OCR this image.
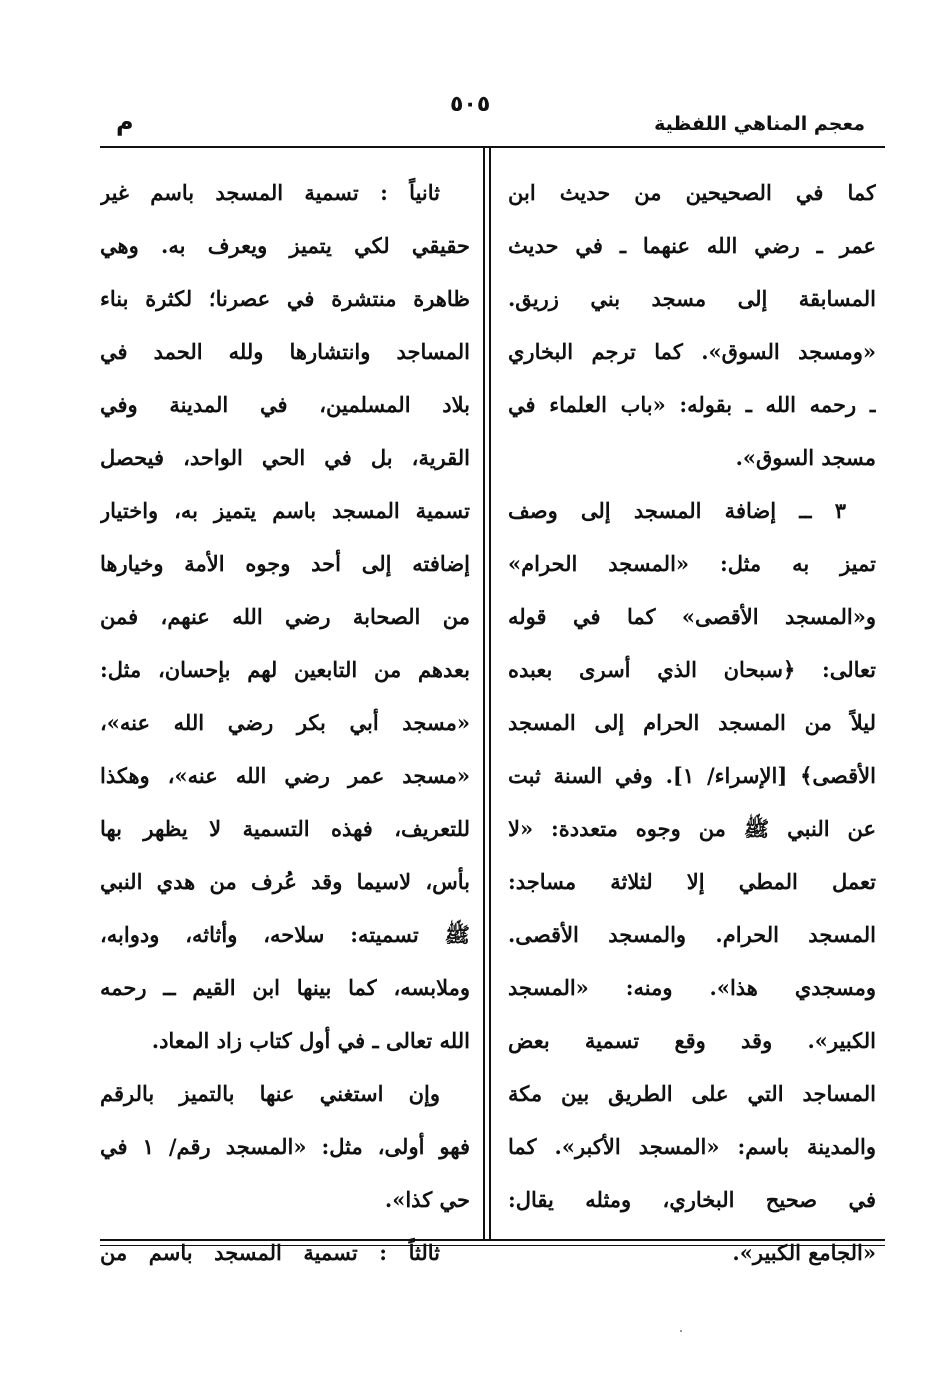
معجم المناهي اللفظية
٥٠٥
م
كما في الصحيحين من حديث ابن
عمر ـ رضي الله عنهما ـ في حديث
المسابقة إلى مسجد بني زريق.
«ومسجد السوق». كما ترجم البخاري
ـ رحمه الله ـ بقوله: «باب العلماء في
مسجد السوق».
٣ ــ إضافة المسجد إلى وصف
تميز به مثل: «المسجد الحرام»
و«المسجد الأقصى» كما في قوله
تعالى: ﴿سبحان الذي أسرى بعبده
ليلاً من المسجد الحرام إلى المسجد
الأقصى﴾ [الإسراء/ ١]. وفي السنة ثبت
عن النبي ﷺ من وجوه متعددة: «لا
تعمل المطي إلا لثلاثة مساجد:
المسجد الحرام. والمسجد الأقصى.
ومسجدي هذا». ومنه: «المسجد
الكبير». وقد وقع تسمية بعض
المساجد التي على الطريق بين مكة
والمدينة باسم: «المسجد الأكبر». كما
في صحيح البخاري، ومثله يقال:
«الجامع الكبير».
ثانياً : تسمية المسجد باسم غير
حقيقي لكي يتميز ويعرف به. وهي
ظاهرة منتشرة في عصرنا؛ لكثرة بناء
المساجد وانتشارها ولله الحمد في
بلاد المسلمين، في المدينة وفي
القرية، بل في الحي الواحد، فيحصل
تسمية المسجد باسم يتميز به، واختيار
إضافته إلى أحد وجوه الأمة وخيارها
من الصحابة رضي الله عنهم، فمن
بعدهم من التابعين لهم بإحسان، مثل:
«مسجد أبي بكر رضي الله عنه»،
«مسجد عمر رضي الله عنه»، وهكذا
للتعريف، فهذه التسمية لا يظهر بها
بأس، لاسيما وقد عُرف من هدي النبي
ﷺ تسميته: سلاحه، وأثاثه، ودوابه،
وملابسه، كما بينها ابن القيم ــ رحمه
الله تعالى ـ في أول كتاب زاد المعاد.
وإن استغني عنها بالتميز بالرقم
فهو أولى، مثل: «المسجد رقم/ ١ في
حي كذا».
ثالثاً : تسمية المسجد باسم من
